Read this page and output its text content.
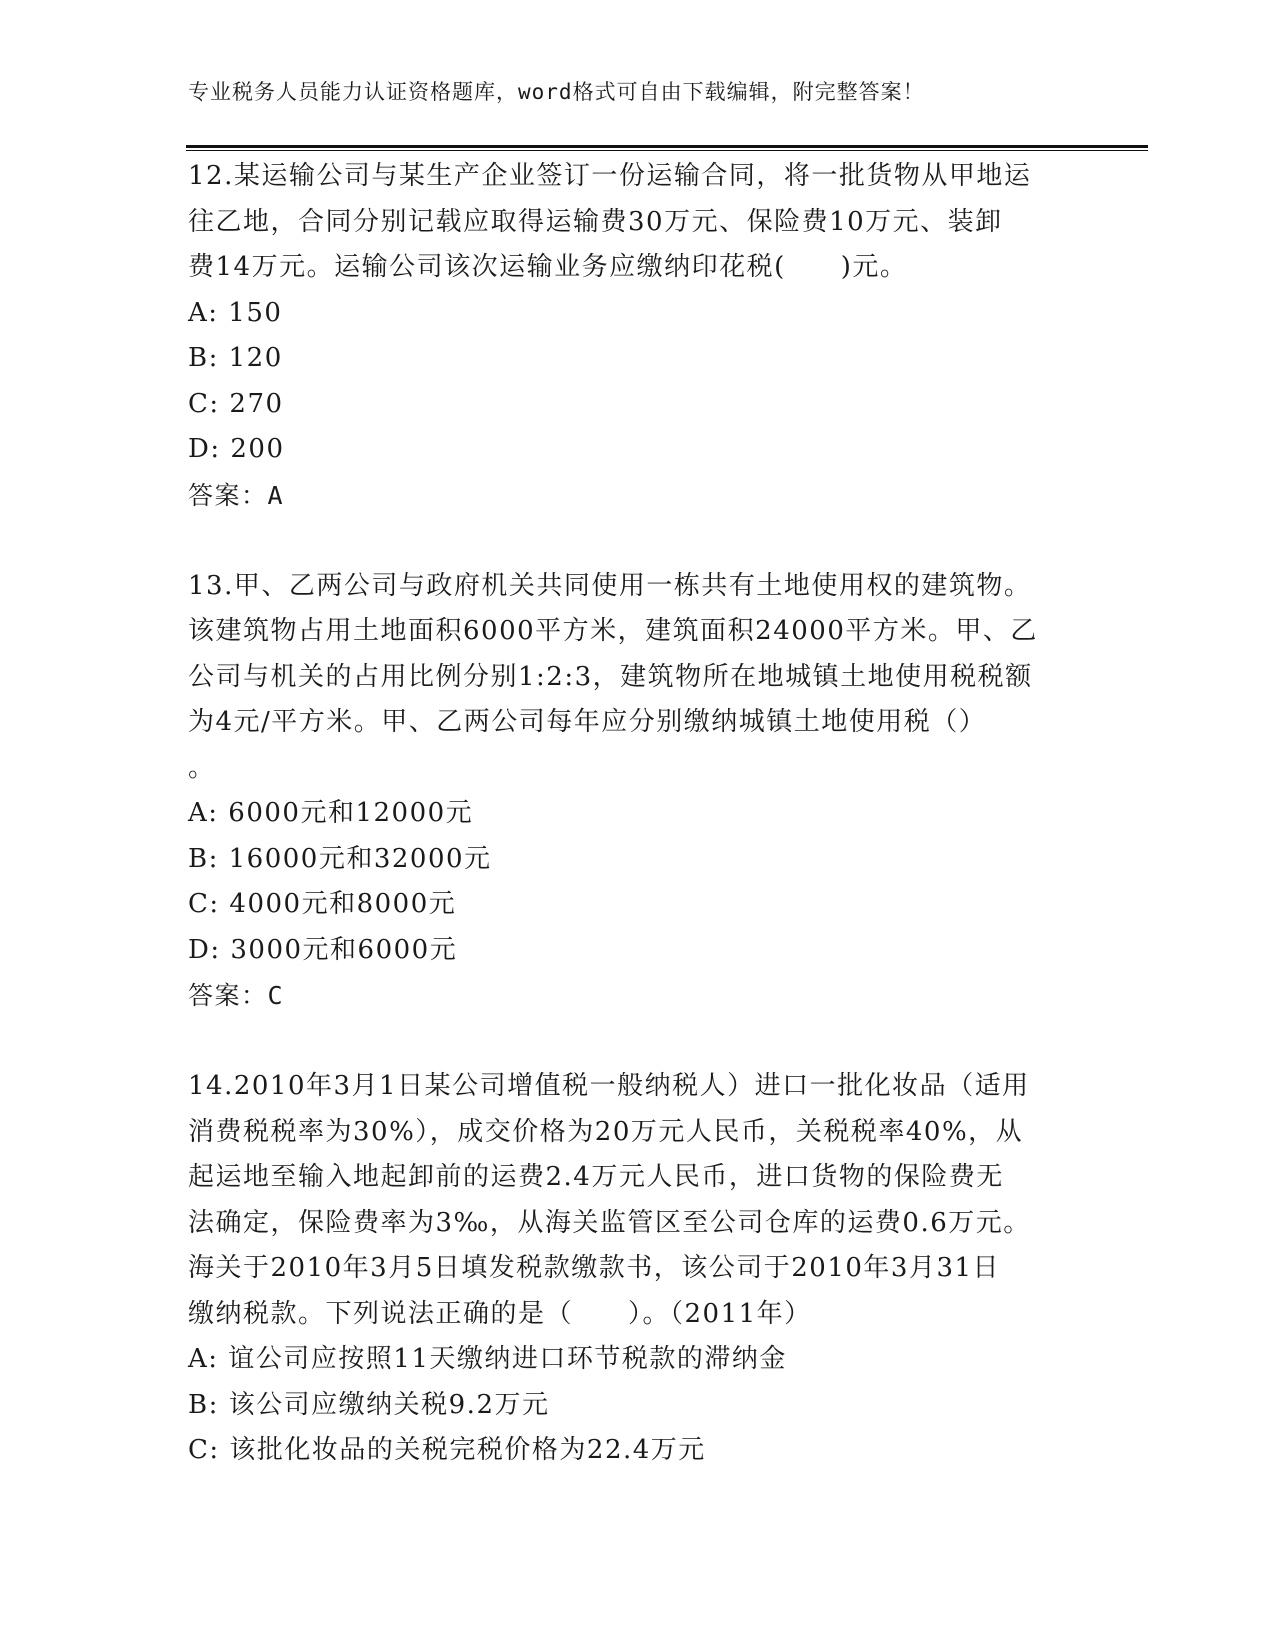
专业税务人员能力认证资格题库，word格式可自由下载编辑，附完整答案！
12.某运输公司与某生产企业签订一份运输合同，将一批货物从甲地运
往乙地，合同分别记载应取得运输费30万元、保险费10万元、装卸
费14万元。运输公司该次运输业务应缴纳印花税(　　)元。
A: 150
B: 120
C: 270
D: 200
答案：A
13.甲、乙两公司与政府机关共同使用一栋共有土地使用权的建筑物。
该建筑物占用土地面积6000平方米，建筑面积24000平方米。甲、乙
公司与机关的占用比例分别1:2:3，建筑物所在地城镇土地使用税税额
为4元/平方米。甲、乙两公司每年应分别缴纳城镇土地使用税（）
。
A: 6000元和12000元
B: 16000元和32000元
C: 4000元和8000元
D: 3000元和6000元
答案：C
14.2010年3月1日某公司增值税一般纳税人）进口一批化妆品（适用
消费税税率为30%），成交价格为20万元人民币，关税税率40%，从
起运地至输入地起卸前的运费2.4万元人民币，进口货物的保险费无
法确定，保险费率为3‰，从海关监管区至公司仓库的运费0.6万元。
海关于2010年3月5日填发税款缴款书，该公司于2010年3月31日
缴纳税款。下列说法正确的是（　　）。（2011年）
A: 谊公司应按照11天缴纳进口环节税款的滞纳金
B: 该公司应缴纳关税9.2万元
C: 该批化妆品的关税完税价格为22.4万元
